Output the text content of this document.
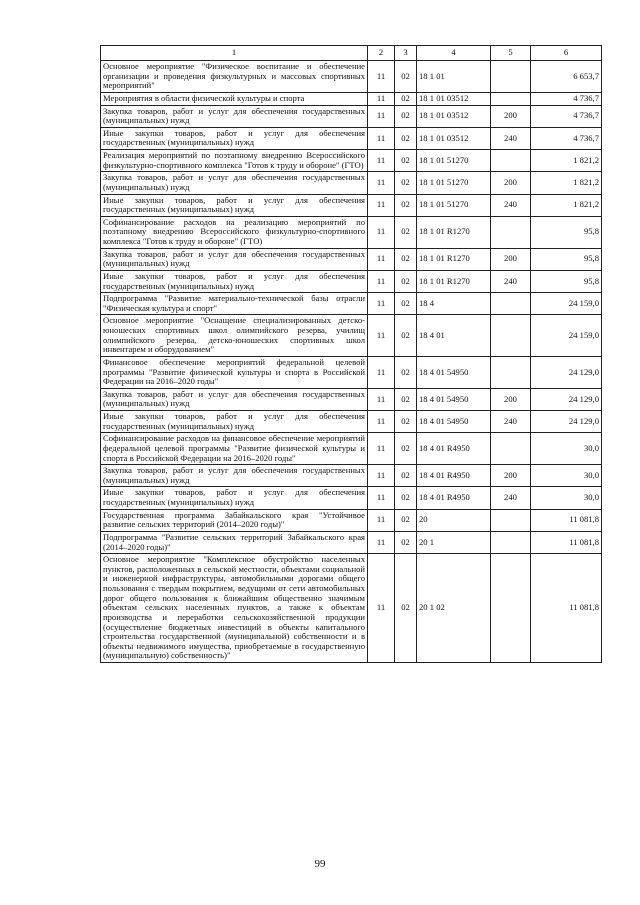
1	2	3	4	5	6
Основное мероприятие "Физическое воспитание и обеспечение организации и проведения физкультурных и массовых спортивных мероприятий"	11	02	18 1 01		6 653,7
Мероприятия в области физической культуры и спорта	11	02	18 1 01 03512		4 736,7
Закупка товаров, работ и услуг для обеспечения государственных (муниципальных) нужд	11	02	18 1 01 03512	200	4 736,7
Иные закупки товаров, работ и услуг для обеспечения государственных (муниципальных) нужд	11	02	18 1 01 03512	240	4 736,7
Реализация мероприятий по поэтапному внедрению Всероссийского физкультурно-спортивного комплекса "Готов к труду и обороне" (ГТО)	11	02	18 1 01 51270		1 821,2
Закупка товаров, работ и услуг для обеспечения государственных (муниципальных) нужд	11	02	18 1 01 51270	200	1 821,2
Иные закупки товаров, работ и услуг для обеспечения государственных (муниципальных) нужд	11	02	18 1 01 51270	240	1 821,2
Софинансирование расходов на реализацию мероприятий по поэтапному внедрению Всероссийского физкультурно-спортивного комплекса "Готов к труду и обороне" (ГТО)	11	02	18 1 01 R1270		95,8
Закупка товаров, работ и услуг для обеспечения государственных (муниципальных) нужд	11	02	18 1 01 R1270	200	95,8
Иные закупки товаров, работ и услуг для обеспечения государственных (муниципальных) нужд	11	02	18 1 01 R1270	240	95,8
Подпрограмма "Развитие материально-технической базы отрасли "Физическая культура и спорт"	11	02	18 4		24 159,0
Основное мероприятие "Оснащение специализированных детско-юношеских спортивных школ олимпийского резерва, училищ олимпийского резерва, детско-юношеских спортивных школ инвентарем и оборудованием"	11	02	18 4 01		24 159,0
Финансовое обеспечение мероприятий федеральной целевой программы "Развитие физической культуры и спорта в Российской Федерации на 2016–2020 годы"	11	02	18 4 01 54950		24 129,0
Закупка товаров, работ и услуг для обеспечения государственных (муниципальных) нужд	11	02	18 4 01 54950	200	24 129,0
Иные закупки товаров, работ и услуг для обеспечения государственных (муниципальных) нужд	11	02	18 4 01 54950	240	24 129,0
Софинансирование расходов на финансовое обеспечение мероприятий федеральной целевой программы "Развитие физической культуры и спорта в Российской Федерации на 2016–2020 годы"	11	02	18 4 01 R4950		30,0
Закупка товаров, работ и услуг для обеспечения государственных (муниципальных) нужд	11	02	18 4 01 R4950	200	30,0
Иные закупки товаров, работ и услуг для обеспечения государственных (муниципальных) нужд	11	02	18 4 01 R4950	240	30,0
Государственная программа Забайкальского края "Устойчивое развитие сельских территорий (2014–2020 годы)"	11	02	20		11 081,8
Подпрограмма "Развитие сельских территорий Забайкальского края (2014–2020 годы)"	11	02	20 1		11 081,8
Основное мероприятие "Комплексное обустройство населенных пунктов, расположенных в сельской местности, объектами социальной и инженерной инфраструктуры, автомобильными дорогами общего пользования с твердым покрытием, ведущими от сети автомобильных дорог общего пользования к ближайшим общественно значимым объектам сельских населенных пунктов, а также к объектам производства и переработки сельскохозяйственной продукции (осуществление бюджетных инвестиций в объекты капитального строительства государственной (муниципальной) собственности и в объекты недвижимого имущества, приобретаемые в государственную (муниципальную) собственность)"	11	02	20 1 02		11 081,8
99
